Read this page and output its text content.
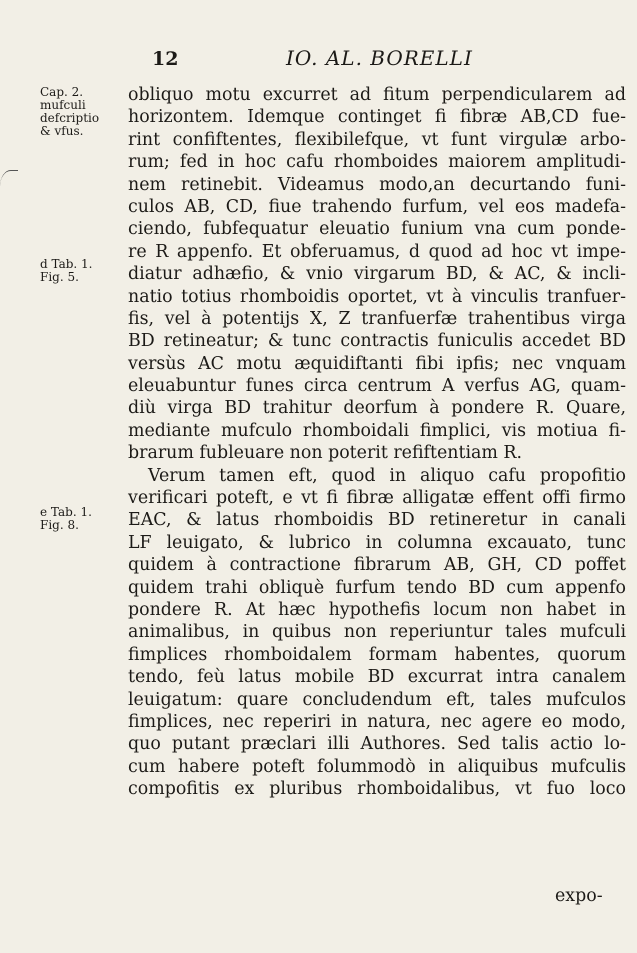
12	IO. AL. BORELLI
Cap. 2.
mufculi
defcriptio
& vfus.
d Tab. 1.
Fig. 5.
e Tab. 1.
Fig. 8.
obliquo motu excurret ad fitum perpendicularem ad
horizontem. Idemque continget fi fibræ AB,CD fue-
rint confiftentes, flexibilefque, vt funt virgulæ arbo-
rum; fed in hoc cafu rhomboides maiorem amplitudi-
nem retinebit. Videamus modo,an decurtando funi-
culos AB, CD, fiue trahendo furfum, vel eos madefa-
ciendo, fubfequatur eleuatio funium vna cum ponde-
re R appenfo. Et obferuamus, d quod ad hoc vt impe-
diatur adhæfio, & vnio virgarum BD, & AC, & incli-
natio totius rhomboidis oportet, vt à vinculis tranfuer-
fis, vel à potentijs X, Z tranfuerfæ trahentibus virga
BD retineatur; & tunc contractis funiculis accedet BD
versùs AC motu æquidiftanti fibi ipfis; nec vnquam
eleuabuntur funes circa centrum A verfus AG, quam-
diù virga BD trahitur deorfum à pondere R. Quare,
mediante mufculo rhomboidali fimplici, vis motiua fi-
brarum fubleuare non poterit refiftentiam R.
Verum tamen eft, quod in aliquo cafu propofitio
verificari poteft, e vt fi fibræ alligatæ effent offi firmo
EAC, & latus rhomboidis BD retineretur in canali
LF leuigato, & lubrico in columna excauato, tunc
quidem à contractione fibrarum AB, GH, CD poffet
quidem trahi obliquè furfum tendo BD cum appenfo
pondere R. At hæc hypothefis locum non habet in
animalibus, in quibus non reperiuntur tales mufculi
fimplices rhomboidalem formam habentes, quorum
tendo, feù latus mobile BD excurrat intra canalem
leuigatum: quare concludendum eft, tales mufculos
fimplices, nec reperiri in natura, nec agere eo modo,
quo putant præclari illi Authores. Sed talis actio lo-
cum habere poteft folummodò in aliquibus mufculis
compofitis ex pluribus rhomboidalibus, vt fuo loco
expo-
